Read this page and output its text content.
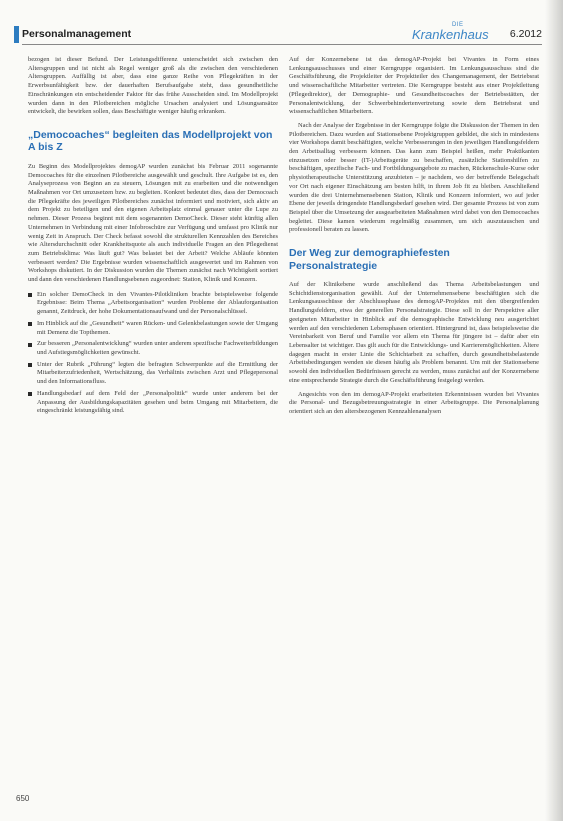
Personalmanagement
DIE
Krankenhaus 6.2012

bezogen ist dieser Befund. Der Leistungsdifferenz unterscheidet sich zwischen den Altersgruppen und ist nicht als Regel weniger groß als die zwischen den verschiedenen Altersgruppen. Auffällig ist aber, dass eine ganze Reihe von Pflegekräften in der Erwerbsunfähigkeit bzw. der dauerhaften Berufsaufgabe steht, dass gesundheitliche Einschränkungen ein entscheidender Faktor für das frühe Ausscheiden sind. Im Modellprojekt wurden dann in den Pilotbereichen mögliche Ursachen analysiert und Lösungsansätze entwickelt, die bewirken sollen, dass Beschäftigte weniger häufig erkranken.

„Democoaches“ begleiten das Modellprojekt von A bis Z

Zu Beginn des Modellprojektes demogAP wurden zunächst bis Februar 2011 sogenannte Democoaches für die einzelnen Pilotbereiche ausgewählt und geschult. Ihre Aufgabe ist es, den Analyseprozess von Beginn an zu steuern, Lösungen mit zu erarbeiten und die notwendigen Maßnahmen vor Ort umzusetzen bzw. zu begleiten. Konkret bedeutet dies, dass der Democoach die Pflegekräfte des jeweiligen Pilotbereiches zunächst informiert und motiviert, sich aktiv an dem Projekt zu beteiligen und den eigenen Arbeitsplatz einmal genauer unter die Lupe zu nehmen. Dieser Prozess beginnt mit dem sogenannten DemoCheck. Dieser steht künftig allen Unternehmen in Verbindung mit einer Infobroschüre zur Verfügung und umfasst pro Klinik nur wenig Zeit in Anspruch. Der Check befasst sowohl die strukturellen Kennzahlen des Bereiches wie Altersdurchschnitt oder Krankheitsquote als auch individuelle Fragen an den Pflegedienst zum Betriebsklima: Was läuft gut? Was belastet bei der Arbeit? Welche Abläufe könnten verbessert werden? Die Ergebnisse wurden wissenschaftlich ausgewertet und im Rahmen von Workshops diskutiert. In der Diskussion wurden die Themen zunächst nach Wichtigkeit sortiert und dann den verschiedenen Handlungsebenen zugeordnet: Station, Klinik und Konzern.

Ein solcher DemoCheck in den Vivantes-Pilotkliniken brachte beispielsweise folgende Ergebnisse: Beim Thema „Arbeitsorganisation“ wurden Probleme der Ablauforganisation genannt, Zeitdruck, der hohe Dokumentationsaufwand und der Personalschlüssel.
Im Hinblick auf die „Gesundheit“ waren Rücken- und Gelenkbelastungen sowie der Umgang mit Demenz die Topthemen.
Zur besseren „Personalentwicklung“ wurden unter anderem spezifische Fachweiterbildungen und Aufstiegsmöglichkeiten gewünscht.
Unter der Rubrik „Führung“ legten die befragten Schwerpunkte auf die Ermittlung der Mitarbeiterzufriedenheit, Wertschätzung, das Verhältnis zwischen Arzt und Pflegepersonal und den Informationsfluss.
Handlungsbedarf auf dem Feld der „Personalpolitik“ wurde unter anderem bei der Anpassung der Ausbildungskapazitäten gesehen und beim Umgang mit Mitarbeitern, die eingeschränkt leistungsfähig sind.

Auf der Konzernebene ist das demogAP-Projekt bei Vivantes in Form eines Lenkungsausschusses und einer Kerngruppe organisiert. Im Lenkungsausschuss sind die Geschäftsführung, die Projektleiter der Projektteiler des Changemanagement, der Betriebsrat und wissenschaftliche Mitarbeiter vertreten. Die Kerngruppe besteht aus einer Projektleitung (Pflegedirektor), der Demographie- und Gesundheitscoaches der Betriebsstätten, der Personalentwicklung, der Schwerbehindertenvertretung sowie dem Betriebsrat und wissenschaftlichen Mitarbeitern.

Nach der Analyse der Ergebnisse in der Kerngruppe folgte die Diskussion der Themen in den Pilotbereichen. Dazu wurden auf Stationsebene Projektgruppen gebildet, die sich in mindestens vier Workshops damit beschäftigten, welche Verbesserungen in den jeweiligen Handlungsfeldern den Arbeitsalltag verbessern können. Das kann zum Beispiel heißen, mehr Praktikanten einzusetzen oder besser (IT-)Arbeitsgeräte zu beschaffen, zusätzliche Stationshilfen zu beschäftigen, spezifische Fach- und Fortbildungsangebote zu machen, Rückenschule-Kurse oder physiotherapeutische Unterstützung anzubieten – je nachdem, wo der betreffende Belegschaft vor Ort nach eigener Einschätzung am besten hilft, in ihrem Job fit zu bleiben. Anschließend wurden die drei Unternehmensebenen Station, Klinik und Konzern informiert, wo auf jeder Ebene der jeweils dringendste Handlungsbedarf gesehen wird. Der gesamte Prozess ist von zum Beispiel über die Umsetzung der ausgearbeiteten Maßnahmen wird dabei von den Democoaches begleitet. Diese kamen wiederum regelmäßig zusammen, um sich auszutauschen und professionell beraten zu lassen.

Der Weg zur demographiefesten Personalstrategie

Auf der Klinikebene wurde anschließend das Thema Arbeitsbelastungen und Schichtdienstorganisation gewählt. Auf der Unternehmensebene beschäftigten sich die Lenkungsausschüsse der Abschlussphase des demogAP-Projektes mit den übergreifenden Handlungsfeldern, etwa der generellen Personalstrategie. Diese soll in der Perspektive aller geeigneten Mitarbeiter in Hinblick auf die demographische Entwicklung neu ausgerichtet werden auf den verschiedenen Lebensphasen orientiert. Hintergrund ist, dass beispielsweise die Vereinbarkeit von Beruf und Familie vor allem ein Thema für jüngere ist – dafür aber ein Lebensalter ist wichtiger. Das gilt auch für die Entwicklungs- und Karrieremöglichkeiten. Ältere dagegen macht in erster Linie die Schichtarbeit zu schaffen, durch gesundheitsbelastende Arbeitsbedingungen wenden sie diesen häufig als Problem benannt. Um mit der Stationsebene sowohl den individuellen Bedürfnissen gerecht zu werden, muss zunächst auf der Konzernebene eine entsprechende Strategie durch die Geschäftsführung festgelegt werden.

Angesichts von den im demogAP-Projekt erarbeiteten Erkenntnissen wurden bei Vivantes die Personal- und Bezugsbetreuungsstrategie in einer Arbeitsgruppe. Die Personalplanung orientiert sich an den altersbezogenen Kennzahlenanalysen

650
